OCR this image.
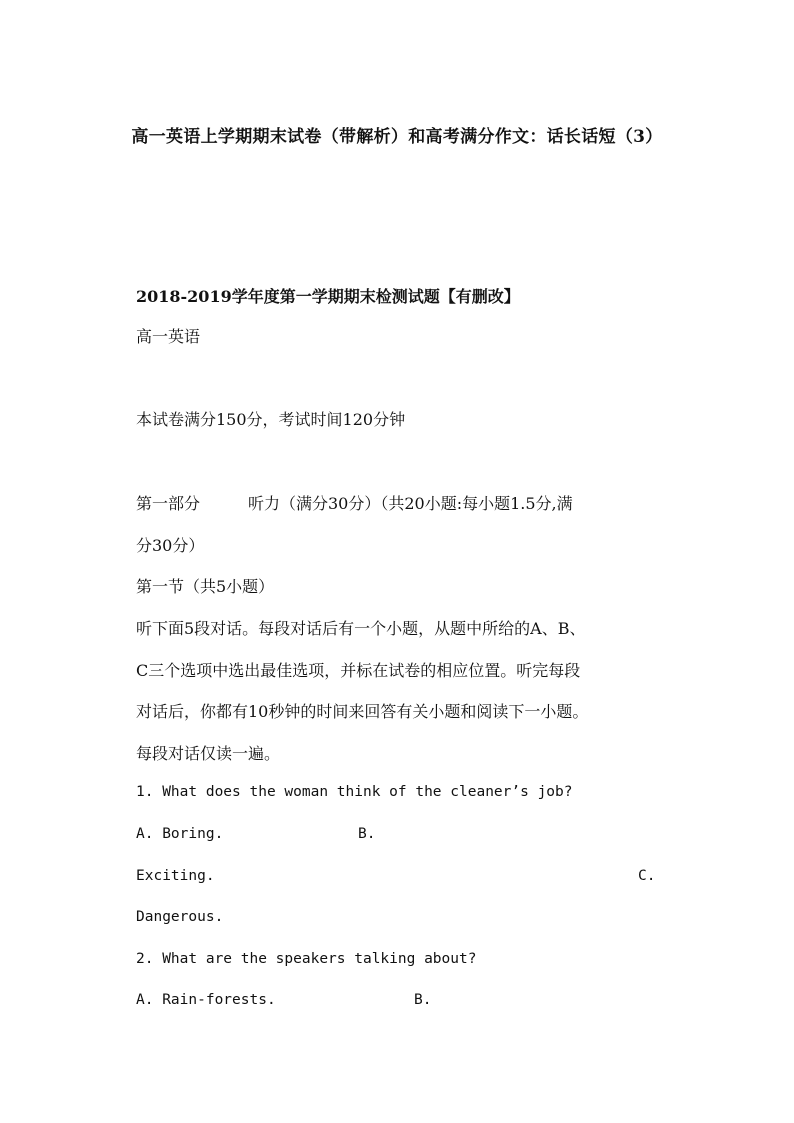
高一英语上学期期末试卷（带解析）和高考满分作文：话长话短（3）
2018-2019学年度第一学期期末检测试题【有删改】
高一英语
本试卷满分150分，考试时间120分钟
第一部分	听力（满分30分）（共20小题:每小题1.5分,满
分30分）
第一节（共5小题）
听下面5段对话。每段对话后有一个小题，从题中所给的A、B、
C三个选项中选出最佳选项，并标在试卷的相应位置。听完每段
对话后，你都有10秒钟的时间来回答有关小题和阅读下一小题。
每段对话仅读一遍。
1. What does the woman think of the cleaner’s job?
A. Boring.	B.
Exciting.	C.
Dangerous.
2. What are the speakers talking about?
A. Rain-forests.	B.
